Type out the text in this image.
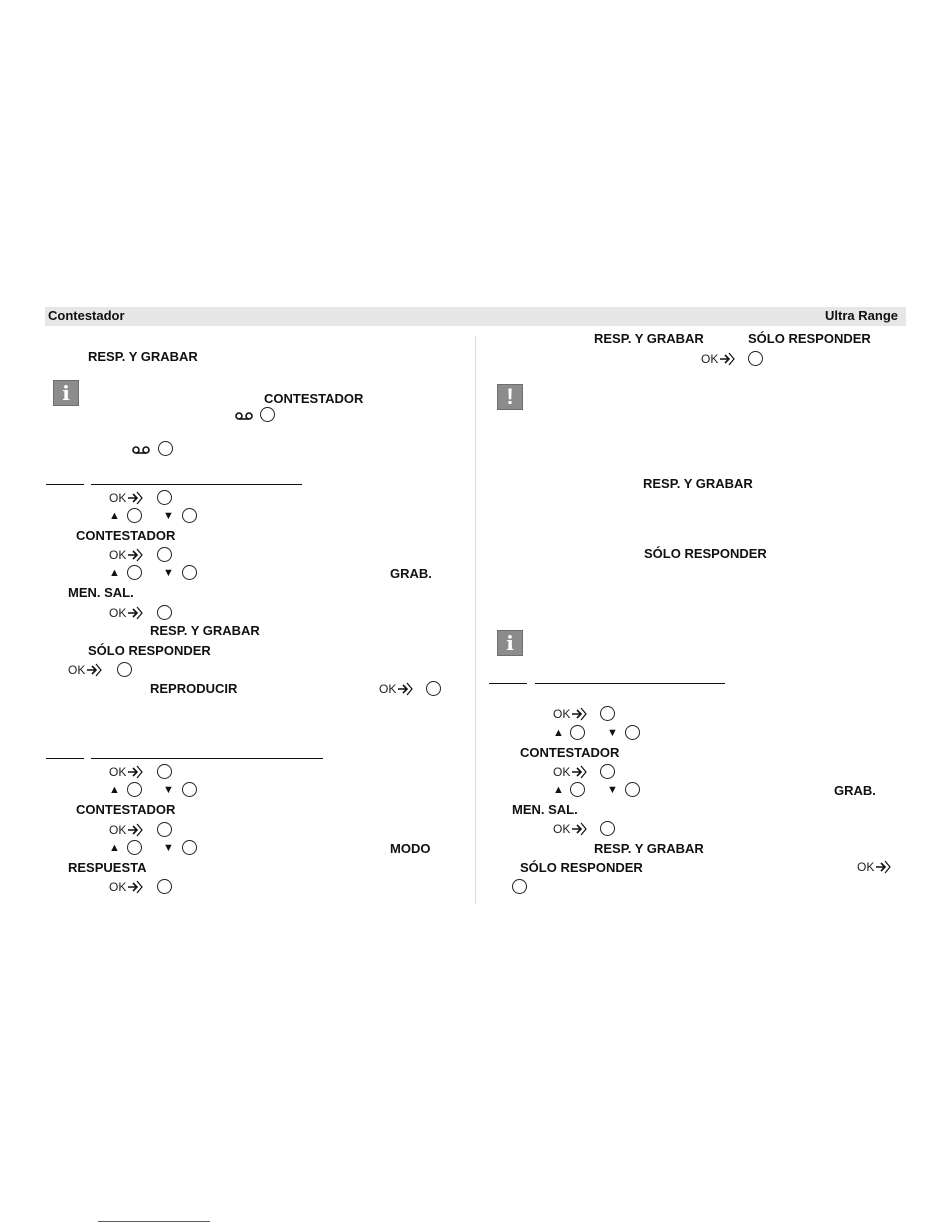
Contestador	Ultra Range
RESP. Y GRABAR
i	CONTESTADOR
OK
▲	▼
CONTESTADOR
OK
▲	▼	GRAB.
MEN. SAL.
OK
RESP. Y GRABAR
SÓLO RESPONDER
OK
REPRODUCIR	OK
OK
▲	▼
CONTESTADOR
OK
▲	▼	MODO
RESPUESTA
OK
RESP. Y GRABAR	SÓLO RESPONDER
OK
!
RESP. Y GRABAR
SÓLO RESPONDER
i
OK
▲	▼
CONTESTADOR
OK
▲	▼	GRAB.
MEN. SAL.
OK
RESP. Y GRABAR
SÓLO RESPONDER	OK
